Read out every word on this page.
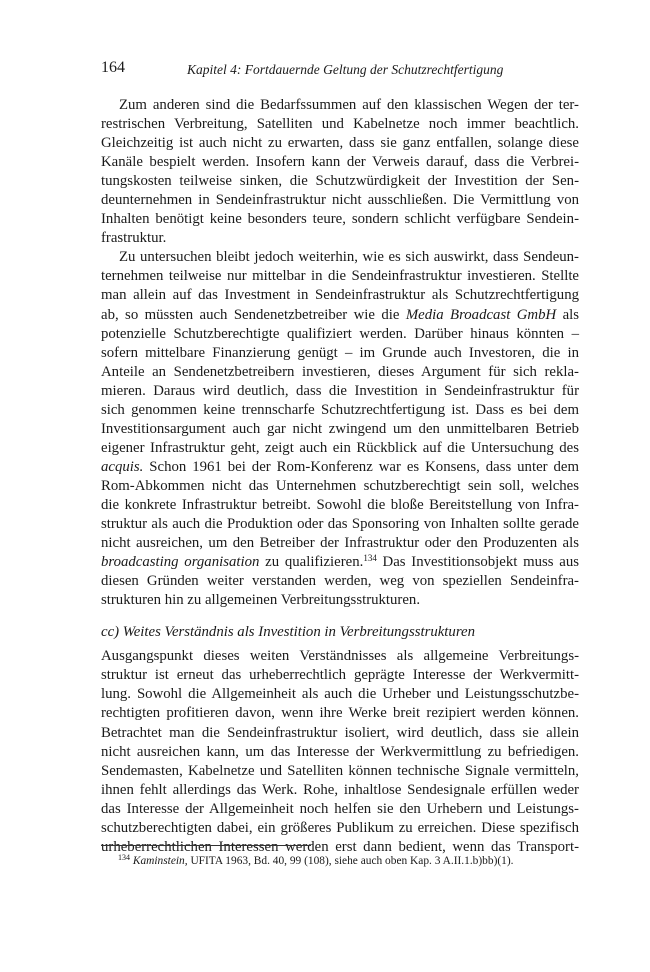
164	Kapitel 4: Fortdauernde Geltung der Schutzrechtfertigung
Zum anderen sind die Bedarfssummen auf den klassischen Wegen der ter-
restrischen Verbreitung, Satelliten und Kabelnetze noch immer beachtlich.
Gleichzeitig ist auch nicht zu erwarten, dass sie ganz entfallen, solange diese
Kanäle bespielt werden. Insofern kann der Verweis darauf, dass die Verbrei-
tungskosten teilweise sinken, die Schutzwürdigkeit der Investition der Sen-
deunternehmen in Sendeinfrastruktur nicht ausschließen. Die Vermittlung von
Inhalten benötigt keine besonders teure, sondern schlicht verfügbare Sendein-
frastruktur.
Zu untersuchen bleibt jedoch weiterhin, wie es sich auswirkt, dass Sendeun-
ternehmen teilweise nur mittelbar in die Sendeinfrastruktur investieren. Stellte
man allein auf das Investment in Sendeinfrastruktur als Schutzrechtfertigung
ab, so müssten auch Sendenetzbetreiber wie die Media Broadcast GmbH als
potenzielle Schutzberechtigte qualifiziert werden. Darüber hinaus könnten –
sofern mittelbare Finanzierung genügt – im Grunde auch Investoren, die in
Anteile an Sendenetzbetreibern investieren, dieses Argument für sich rekla-
mieren. Daraus wird deutlich, dass die Investition in Sendeinfrastruktur für
sich genommen keine trennscharfe Schutzrechtfertigung ist. Dass es bei dem
Investitionsargument auch gar nicht zwingend um den unmittelbaren Betrieb
eigener Infrastruktur geht, zeigt auch ein Rückblick auf die Untersuchung des
acquis. Schon 1961 bei der Rom-Konferenz war es Konsens, dass unter dem
Rom-Abkommen nicht das Unternehmen schutzberechtigt sein soll, welches
die konkrete Infrastruktur betreibt. Sowohl die bloße Bereitstellung von Infra-
struktur als auch die Produktion oder das Sponsoring von Inhalten sollte gerade
nicht ausreichen, um den Betreiber der Infrastruktur oder den Produzenten als
broadcasting organisation zu qualifizieren.$^{134}$ Das Investitionsobjekt muss aus
diesen Gründen weiter verstanden werden, weg von speziellen Sendeinfra-
strukturen hin zu allgemeinen Verbreitungsstrukturen.
cc) Weites Verständnis als Investition in Verbreitungsstrukturen
Ausgangspunkt dieses weiten Verständnisses als allgemeine Verbreitungs-
struktur ist erneut das urheberrechtlich geprägte Interesse der Werkvermitt-
lung. Sowohl die Allgemeinheit als auch die Urheber und Leistungsschutzbe-
rechtigten profitieren davon, wenn ihre Werke breit rezipiert werden können.
Betrachtet man die Sendeinfrastruktur isoliert, wird deutlich, dass sie allein
nicht ausreichen kann, um das Interesse der Werkvermittlung zu befriedigen.
Sendemasten, Kabelnetze und Satelliten können technische Signale vermitteln,
ihnen fehlt allerdings das Werk. Rohe, inhaltlose Sendesignale erfüllen weder
das Interesse der Allgemeinheit noch helfen sie den Urhebern und Leistungs-
schutzberechtigten dabei, ein größeres Publikum zu erreichen. Diese spezifisch
urheberrechtlichen Interessen werden erst dann bedient, wenn das Transport-
$^{134}$ Kaminstein, UFITA 1963, Bd. 40, 99 (108), siehe auch oben Kap. 3 A.II.1.b)bb)(1).
